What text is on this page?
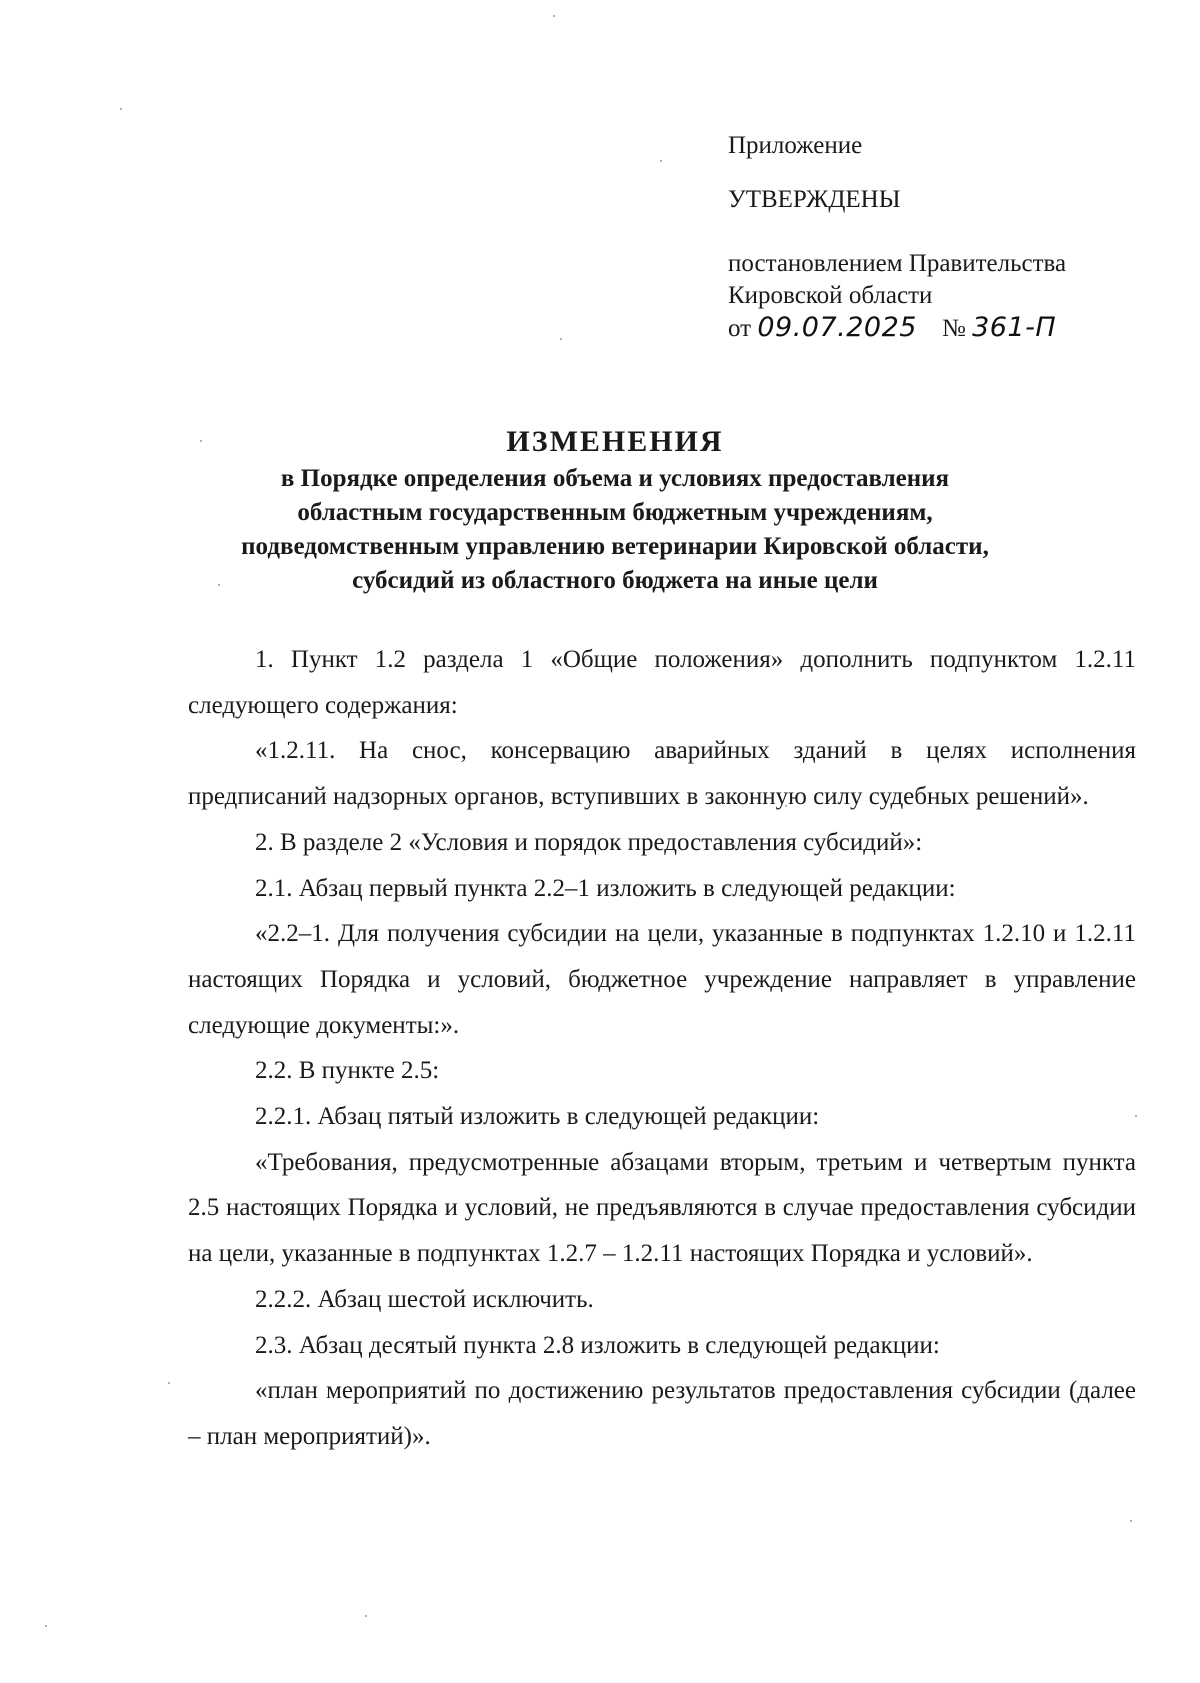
Приложение
УТВЕРЖДЕНЫ
постановлением Правительства
Кировской области
от 09.07.2025 № 361-П
ИЗМЕНЕНИЯ
в Порядке определения объема и условиях предоставления
областным государственным бюджетным учреждениям,
подведомственным управлению ветеринарии Кировской области,
субсидий из областного бюджета на иные цели

1. Пункт 1.2 раздела 1 «Общие положения» дополнить подпунктом 1.2.11 следующего содержания:

«1.2.11. На снос, консервацию аварийных зданий в целях исполнения предписаний надзорных органов, вступивших в законную силу судебных решений».

2. В разделе 2 «Условия и порядок предоставления субсидий»:

2.1. Абзац первый пункта 2.2–1 изложить в следующей редакции:

«2.2–1. Для получения субсидии на цели, указанные в подпунктах 1.2.10 и 1.2.11 настоящих Порядка и условий, бюджетное учреждение направляет в управление следующие документы:».

2.2. В пункте 2.5:

2.2.1. Абзац пятый изложить в следующей редакции:

«Требования, предусмотренные абзацами вторым, третьим и четвертым пункта 2.5 настоящих Порядка и условий, не предъявляются в случае предоставления субсидии на цели, указанные в подпунктах 1.2.7 – 1.2.11 настоящих Порядка и условий».

2.2.2. Абзац шестой исключить.

2.3. Абзац десятый пункта 2.8 изложить в следующей редакции:

«план мероприятий по достижению результатов предоставления субсидии (далее – план мероприятий)».
